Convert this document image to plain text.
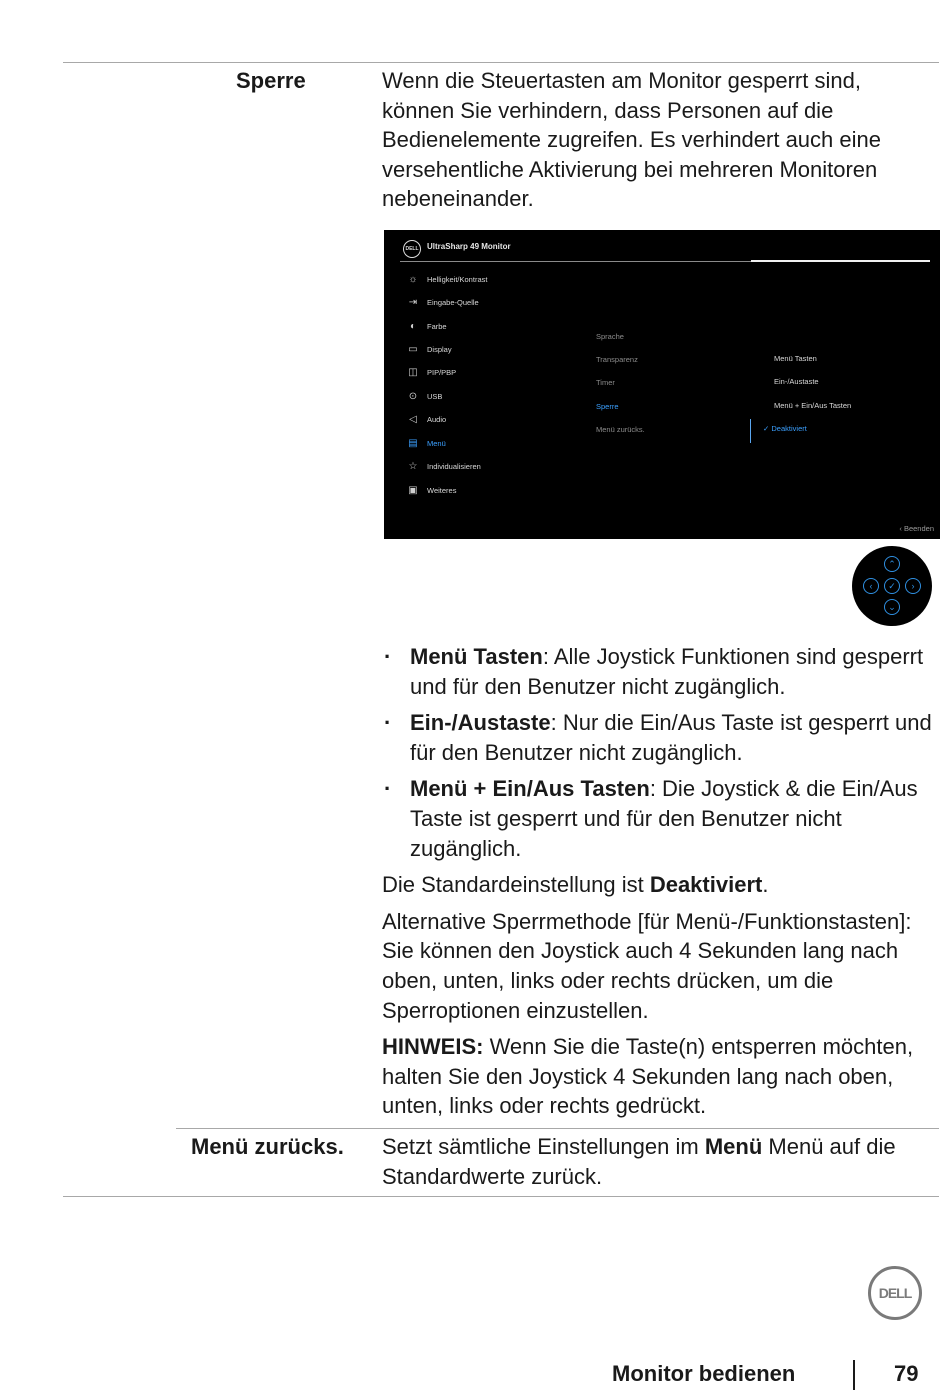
Sperre	Wenn die Steuertasten am Monitor gesperrt sind, können Sie verhindern, dass Personen auf die Bedienelemente zugreifen. Es verhindert auch eine versehentliche Aktivierung bei mehreren Monitoren nebeneinander.
DELL	UltraSharp 49 Monitor
☼	Helligkeit/Kontrast
⇥	Eingabe-Quelle
◐	Farbe
▭	Display
◫	PIP/PBP
⊙	USB
◁	Audio
▤	Menü
☆	Individualisieren
▣	Weiteres
Sprache
Transparenz
Timer
Sperre
Menü zurücks.
Menü Tasten
Ein-/Austaste
Menü + Ein/Aus Tasten
✓ Deaktiviert
‹ Beenden
⌃
‹	✓	›
⌄
· Menü Tasten: Alle Joystick Funktionen sind gesperrt und für den Benutzer nicht zugänglich.
· Ein-/Austaste: Nur die Ein/Aus Taste ist gesperrt und für den Benutzer nicht zugänglich.
· Menü + Ein/Aus Tasten: Die Joystick & die Ein/Aus Taste ist gesperrt und für den Benutzer nicht zugänglich.

Die Standardeinstellung ist Deaktiviert.

Alternative Sperrmethode [für Menü-/Funktionstasten]: Sie können den Joystick auch 4 Sekunden lang nach oben, unten, links oder rechts drücken, um die Sperroptionen einzustellen.

HINWEIS: Wenn Sie die Taste(n) entsperren möchten, halten Sie den Joystick 4 Sekunden lang nach oben, unten, links oder rechts gedrückt.

Menü zurücks. Setzt sämtliche Einstellungen im Menü Menü auf die Standardwerte zurück.
DELL
Monitor bedienen	79
